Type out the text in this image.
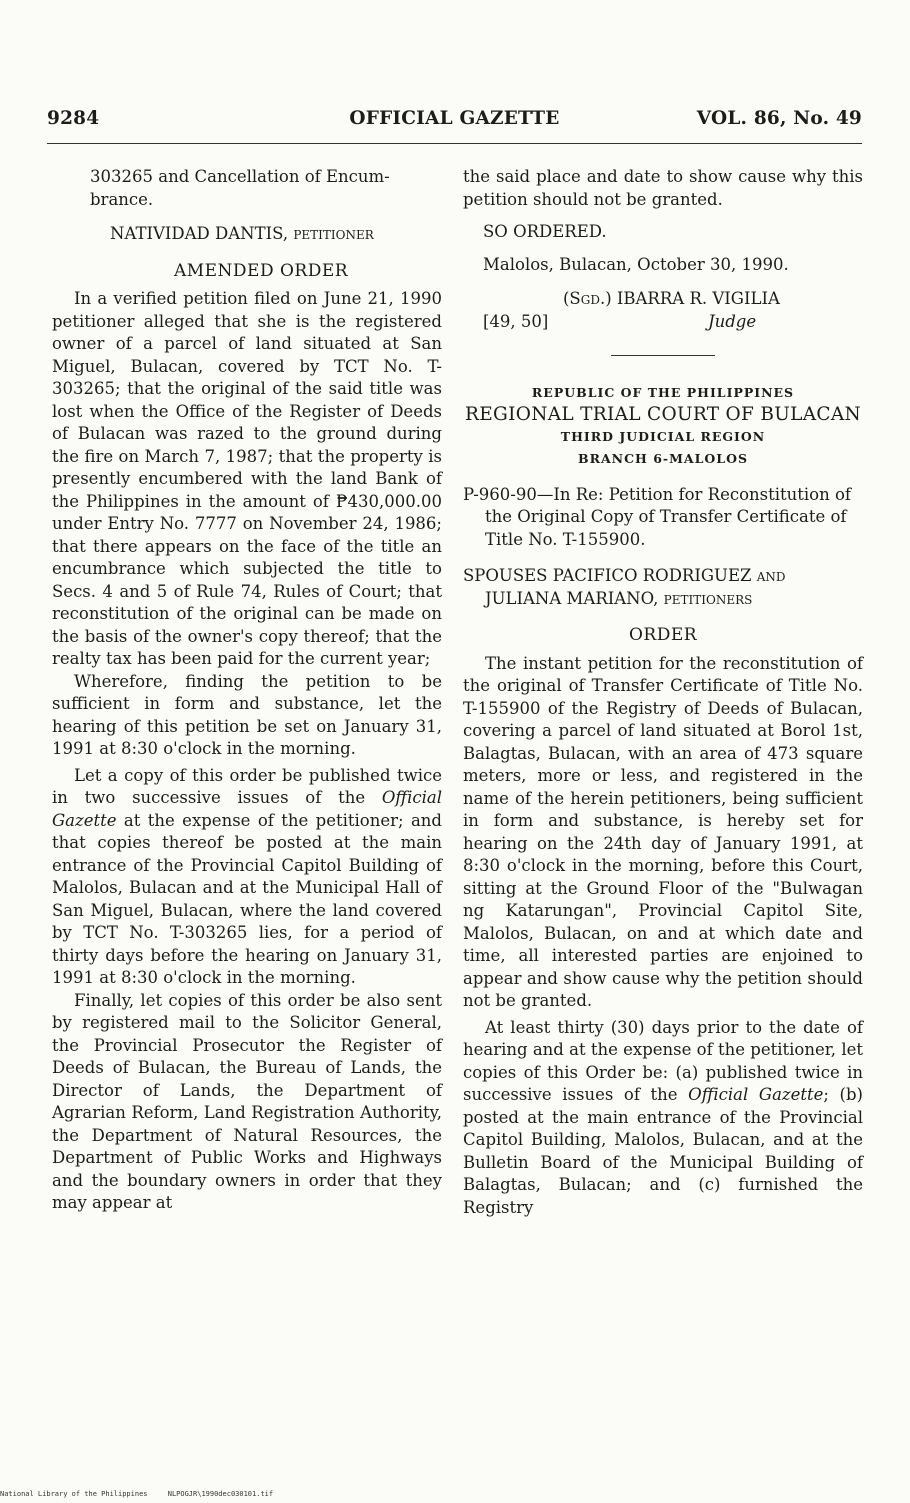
9284	OFFICIAL GAZETTE	VOL. 86, No. 49
303265 and Cancellation of Encum-
brance.
NATIVIDAD DANTIS, petitioner
AMENDED ORDER

In a verified petition filed on June 21, 1990 petitioner alleged that she is the registered owner of a parcel of land situated at San Miguel, Bulacan, covered by TCT No. T-303265; that the original of the said title was lost when the Office of the Register of Deeds of Bulacan was razed to the ground during the fire on March 7, 1987; that the property is presently encumbered with the land Bank of the Philippines in the amount of ₱430,000.00 under Entry No. 7777 on November 24, 1986; that there appears on the face of the title an encumbrance which subjected the title to Secs. 4 and 5 of Rule 74, Rules of Court; that reconstitution of the original can be made on the basis of the owner's copy thereof; that the realty tax has been paid for the current year;

Wherefore, finding the petition to be sufficient in form and substance, let the hearing of this petition be set on January 31, 1991 at 8:30 o'clock in the morning.

Let a copy of this order be published twice in two successive issues of the Official Gazette at the expense of the petitioner; and that copies thereof be posted at the main entrance of the Provincial Capitol Building of Malolos, Bulacan and at the Municipal Hall of San Miguel, Bulacan, where the land covered by TCT No. T-303265 lies, for a period of thirty days before the hearing on January 31, 1991 at 8:30 o'clock in the morning.

Finally, let copies of this order be also sent by registered mail to the Solicitor General, the Provincial Prosecutor the Register of Deeds of Bulacan, the Bureau of Lands, the Director of Lands, the Department of Agrarian Reform, Land Registration Authority, the Department of Natural Resources, the Department of Public Works and Highways and the boundary owners in order that they may appear at

the said place and date to show cause why this petition should not be granted.

SO ORDERED.
Malolos, Bulacan, October 30, 1990.
(Sgd.) IBARRA R. VIGILIA
[49, 50]	Judge
REPUBLIC OF THE PHILIPPINES
REGIONAL TRIAL COURT OF BULACAN
THIRD JUDICIAL REGION
BRANCH 6-MALOLOS

P-960-90—In Re: Petition for Reconstitution of the Original Copy of Transfer Certificate of Title No. T-155900.

SPOUSES PACIFICO RODRIGUEZ and JULIANA MARIANO, petitioners

ORDER

The instant petition for the reconstitution of the original of Transfer Certificate of Title No. T-155900 of the Registry of Deeds of Bulacan, covering a parcel of land situated at Borol 1st, Balagtas, Bulacan, with an area of 473 square meters, more or less, and registered in the name of the herein petitioners, being sufficient in form and substance, is hereby set for hearing on the 24th day of January 1991, at 8:30 o'clock in the morning, before this Court, sitting at the Ground Floor of the "Bulwagan ng Katarungan", Provincial Capitol Site, Malolos, Bulacan, on and at which date and time, all interested parties are enjoined to appear and show cause why the petition should not be granted.

At least thirty (30) days prior to the date of hearing and at the expense of the petitioner, let copies of this Order be: (a) published twice in successive issues of the Official Gazette; (b) posted at the main entrance of the Provincial Capitol Building, Malolos, Bulacan, and at the Bulletin Board of the Municipal Building of Balagtas, Bulacan; and (c) furnished the Registry

National Library of the Philippines	NLPOGJR\1990dec030101.tif
